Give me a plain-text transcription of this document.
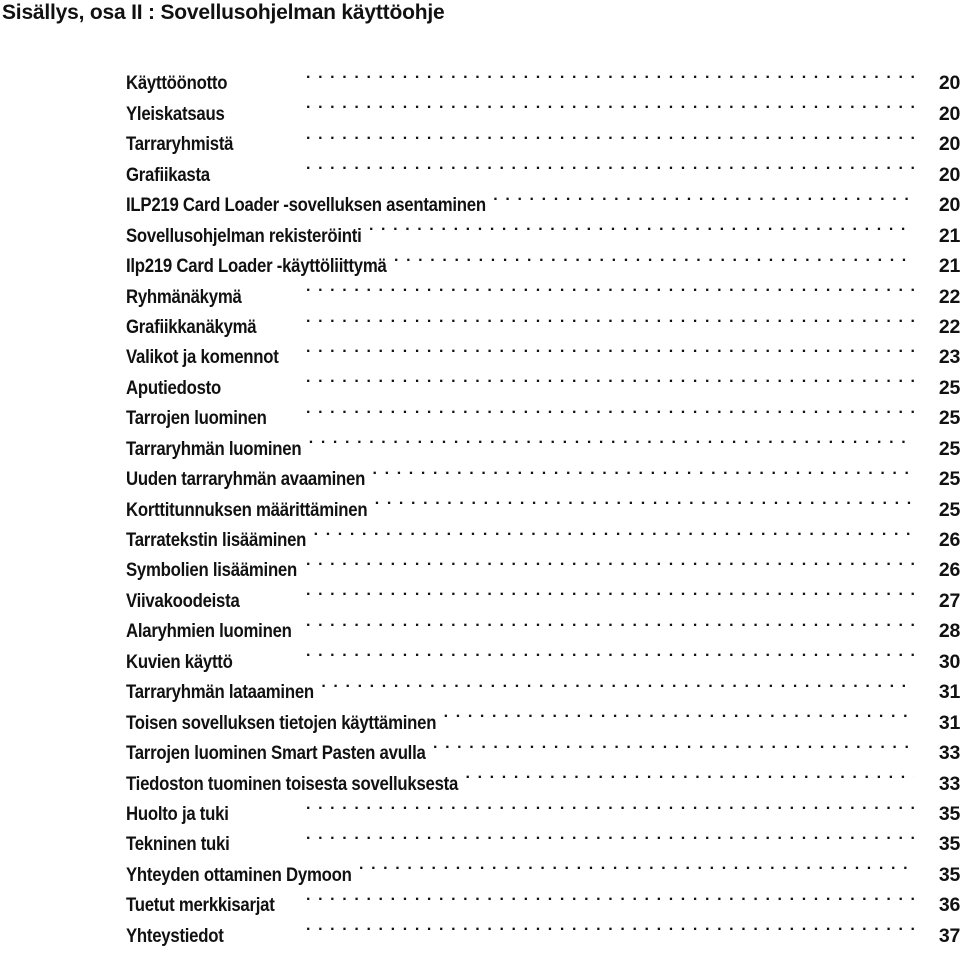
Sisällys, osa II : Sovellusohjelman käyttöohje
Käyttöönotto . . .	20
Yleiskatsaus . . .	20
Tarraryhmistä . . .	20
Grafiikasta . . .	20
ILP219 Card Loader -sovelluksen asentaminen . . .	20
Sovellusohjelman rekisteröinti . . .	21
Ilp219 Card Loader -käyttöliittymä . . .	21
Ryhmänäkymä . . .	22
Grafiikkanäkymä . . .	22
Valikot ja komennot . . .	23
Aputiedosto . . .	25
Tarrojen luominen . . .	25
Tarraryhmän luominen . . .	25
Uuden tarraryhmän avaaminen . . .	25
Korttitunnuksen määrittäminen . . .	25
Tarratekstin lisääminen . . .	26
Symbolien lisääminen . . .	26
Viivakoodeista . . .	27
Alaryhmien luominen . . .	28
Kuvien käyttö . . .	30
Tarraryhmän lataaminen . . .	31
Toisen sovelluksen tietojen käyttäminen . . .	31
Tarrojen luominen Smart Pasten avulla . . .	33
Tiedoston tuominen toisesta sovelluksesta . . .	33
Huolto ja tuki . . .	35
Tekninen tuki . . .	35
Yhteyden ottaminen Dymoon . . .	35
Tuetut merkkisarjat . . .	36
Yhteystiedot . . .	37
